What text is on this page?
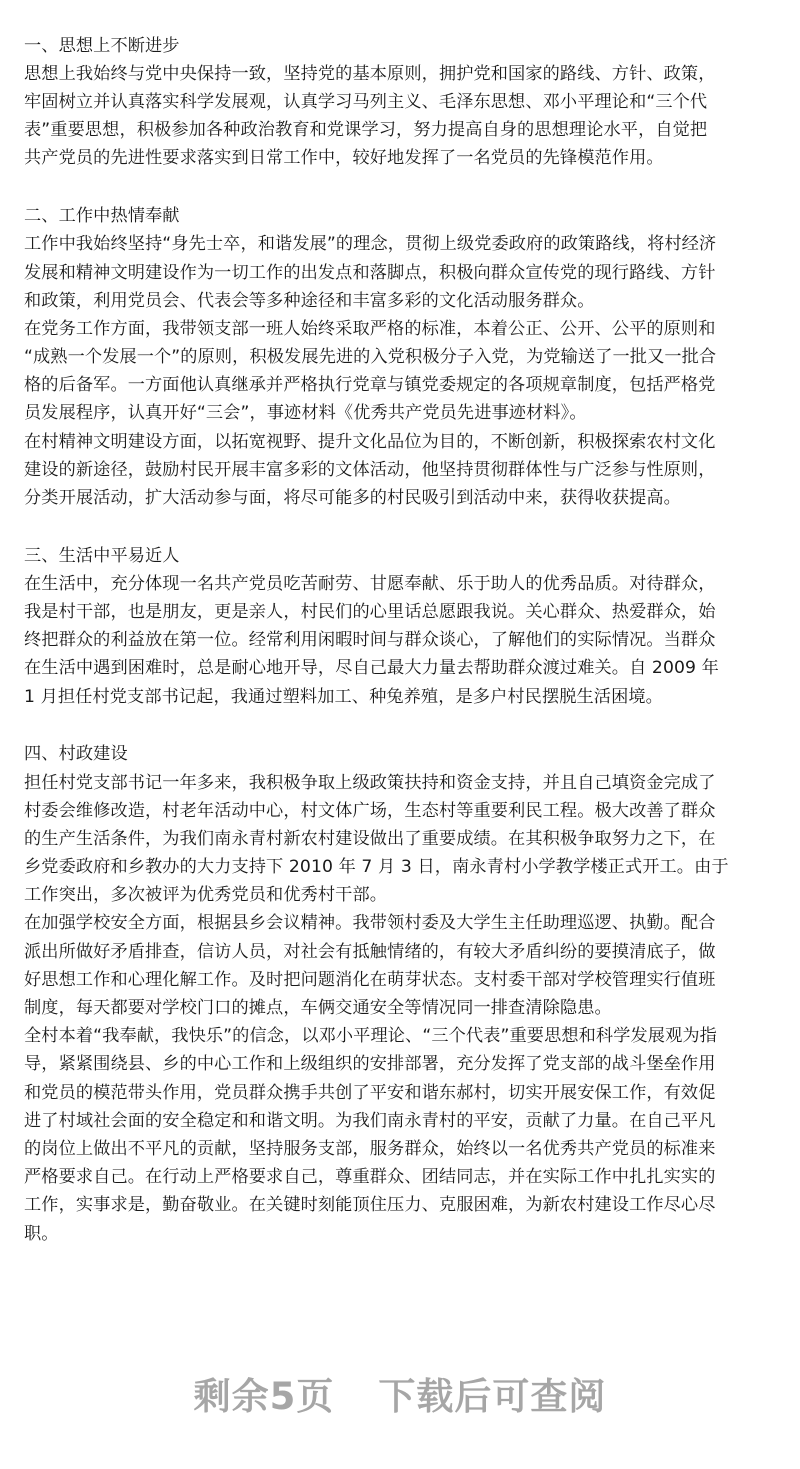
一、思想上不断进步
思想上我始终与党中央保持一致，坚持党的基本原则，拥护党和国家的路线、方针、政策，
牢固树立并认真落实科学发展观，认真学习马列主义、毛泽东思想、邓小平理论和“三个代
表”重要思想，积极参加各种政治教育和党课学习，努力提高自身的思想理论水平，自觉把
共产党员的先进性要求落实到日常工作中，较好地发挥了一名党员的先锋模范作用。
二、工作中热情奉献
工作中我始终坚持“身先士卒，和谐发展”的理念，贯彻上级党委政府的政策路线，将村经济
发展和精神文明建设作为一切工作的出发点和落脚点，积极向群众宣传党的现行路线、方针
和政策，利用党员会、代表会等多种途径和丰富多彩的文化活动服务群众。
在党务工作方面，我带领支部一班人始终采取严格的标准，本着公正、公开、公平的原则和
“成熟一个发展一个”的原则，积极发展先进的入党积极分子入党，为党输送了一批又一批合
格的后备军。一方面他认真继承并严格执行党章与镇党委规定的各项规章制度，包括严格党
员发展程序，认真开好“三会”，事迹材料《优秀共产党员先进事迹材料》。
在村精神文明建设方面，以拓宽视野、提升文化品位为目的，不断创新，积极探索农村文化
建设的新途径，鼓励村民开展丰富多彩的文体活动，他坚持贯彻群体性与广泛参与性原则，
分类开展活动，扩大活动参与面，将尽可能多的村民吸引到活动中来，获得收获提高。
三、生活中平易近人
在生活中，充分体现一名共产党员吃苦耐劳、甘愿奉献、乐于助人的优秀品质。对待群众，
我是村干部，也是朋友，更是亲人，村民们的心里话总愿跟我说。关心群众、热爱群众，始
终把群众的利益放在第一位。经常利用闲暇时间与群众谈心，了解他们的实际情况。当群众
在生活中遇到困难时，总是耐心地开导，尽自己最大力量去帮助群众渡过难关。自 2009 年
1 月担任村党支部书记起，我通过塑料加工、种兔养殖，是多户村民摆脱生活困境。
四、村政建设
担任村党支部书记一年多来，我积极争取上级政策扶持和资金支持，并且自己填资金完成了
村委会维修改造，村老年活动中心，村文体广场，生态村等重要利民工程。极大改善了群众
的生产生活条件，为我们南永青村新农村建设做出了重要成绩。在其积极争取努力之下，在
乡党委政府和乡教办的大力支持下 2010 年 7 月 3 日，南永青村小学教学楼正式开工。由于
工作突出，多次被评为优秀党员和优秀村干部。
在加强学校安全方面，根据县乡会议精神。我带领村委及大学生主任助理巡逻、执勤。配合
派出所做好矛盾排查，信访人员，对社会有抵触情绪的，有较大矛盾纠纷的要摸清底子，做
好思想工作和心理化解工作。及时把问题消化在萌芽状态。支村委干部对学校管理实行值班
制度，每天都要对学校门口的摊点，车俩交通安全等情况同一排查清除隐患。
全村本着“我奉献，我快乐”的信念，以邓小平理论、“三个代表”重要思想和科学发展观为指
导，紧紧围绕县、乡的中心工作和上级组织的安排部署，充分发挥了党支部的战斗堡垒作用
和党员的模范带头作用，党员群众携手共创了平安和谐东郝村，切实开展安保工作，有效促
进了村域社会面的安全稳定和和谐文明。为我们南永青村的平安，贡献了力量。在自己平凡
的岗位上做出不平凡的贡献，坚持服务支部，服务群众，始终以一名优秀共产党员的标准来
严格要求自己。在行动上严格要求自己，尊重群众、团结同志，并在实际工作中扎扎实实的
工作，实事求是，勤奋敬业。在关键时刻能顶住压力、克服困难，为新农村建设工作尽心尽
职。
剩余5页 下载后可查阅
